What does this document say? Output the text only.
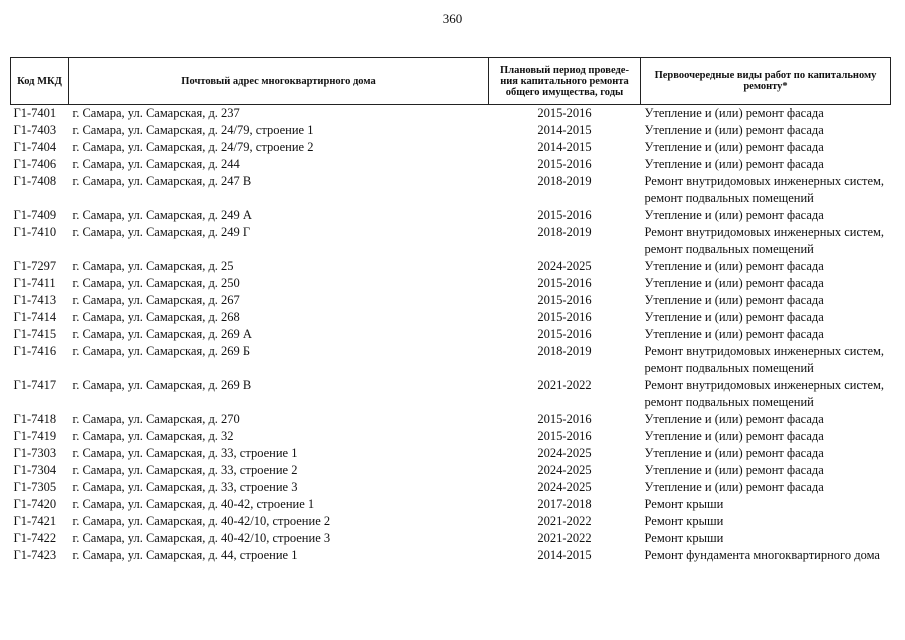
360
Код МКД	Почтовый адрес многоквартирного дома	Плановый период проведе-ния капитального ремонта общего имущества, годы	Первоочередные виды работ по капитальному ремонту*
Г1-7401	г. Самара, ул. Самарская, д. 237	2015-2016	Утепление и (или) ремонт фасада

Г1-7403	г. Самара, ул. Самарская, д. 24/79, строение 1	2014-2015	Утепление и (или) ремонт фасада

Г1-7404	г. Самара, ул. Самарская, д. 24/79, строение 2	2014-2015	Утепление и (или) ремонт фасада

Г1-7406	г. Самара, ул. Самарская, д. 244	2015-2016	Утепление и (или) ремонт фасада

Г1-7408	г. Самара, ул. Самарская, д. 247 В	2018-2019	Ремонт внутридомовых инженерных систем,
ремонт подвальных помещений

Г1-7409	г. Самара, ул. Самарская, д. 249 А	2015-2016	Утепление и (или) ремонт фасада

Г1-7410	г. Самара, ул. Самарская, д. 249 Г	2018-2019	Ремонт внутридомовых инженерных систем,
ремонт подвальных помещений

Г1-7297	г. Самара, ул. Самарская, д. 25	2024-2025	Утепление и (или) ремонт фасада

Г1-7411	г. Самара, ул. Самарская, д. 250	2015-2016	Утепление и (или) ремонт фасада

Г1-7413	г. Самара, ул. Самарская, д. 267	2015-2016	Утепление и (или) ремонт фасада

Г1-7414	г. Самара, ул. Самарская, д. 268	2015-2016	Утепление и (или) ремонт фасада

Г1-7415	г. Самара, ул. Самарская, д. 269 А	2015-2016	Утепление и (или) ремонт фасада

Г1-7416	г. Самара, ул. Самарская, д. 269 Б	2018-2019	Ремонт внутридомовых инженерных систем,
ремонт подвальных помещений

Г1-7417	г. Самара, ул. Самарская, д. 269 В	2021-2022	Ремонт внутридомовых инженерных систем,
ремонт подвальных помещений

Г1-7418	г. Самара, ул. Самарская, д. 270	2015-2016	Утепление и (или) ремонт фасада

Г1-7419	г. Самара, ул. Самарская, д. 32	2015-2016	Утепление и (или) ремонт фасада

Г1-7303	г. Самара, ул. Самарская, д. 33, строение 1	2024-2025	Утепление и (или) ремонт фасада

Г1-7304	г. Самара, ул. Самарская, д. 33, строение 2	2024-2025	Утепление и (или) ремонт фасада

Г1-7305	г. Самара, ул. Самарская, д. 33, строение 3	2024-2025	Утепление и (или) ремонт фасада

Г1-7420	г. Самара, ул. Самарская, д. 40-42, строение 1	2017-2018	Ремонт крыши

Г1-7421	г. Самара, ул. Самарская, д. 40-42/10, строение 2	2021-2022	Ремонт крыши

Г1-7422	г. Самара, ул. Самарская, д. 40-42/10, строение 3	2021-2022	Ремонт крыши

Г1-7423	г. Самара, ул. Самарская, д. 44, строение 1	2014-2015	Ремонт фундамента многоквартирного дома
